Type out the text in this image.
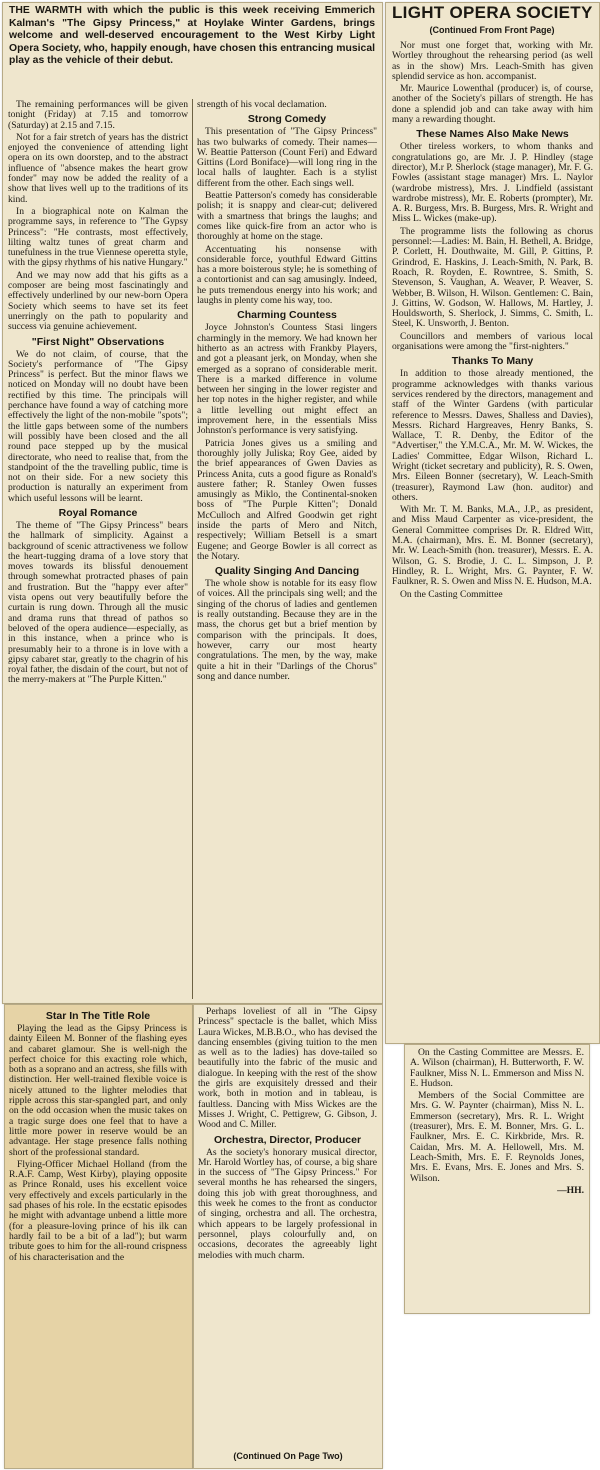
THE WARMTH with which the public is this week receiving Emmerich Kalman's "The Gipsy Princess," at Hoylake Winter Gardens, brings welcome and well-deserved encouragement to the West Kirby Light Opera Society, who, happily enough, have chosen this entrancing musical play as the vehicle of their debut.

The remaining performances will be given tonight (Friday) at 7.15 and tomorrow (Saturday) at 2.15 and 7.15.

Not for a fair stretch of years has the district enjoyed the convenience of attending light opera on its own doorstep, and to the abstract influence of "absence makes the heart grow fonder" may now be added the reality of a show that lives well up to the traditions of its kind.

In a biographical note on Kalman the programme says, in reference to "The Gypsy Princess": "He contrasts, most effectively, lilting waltz tunes of great charm and tunefulness in the true Viennese operetta style, with the gipsy rhythms of his native Hungary."

And we may now add that his gifts as a composer are being most fascinatingly and effectively underlined by our new-born Opera Society which seems to have set its feet unerringly on the path to popularity and success via genuine achievement.

"First Night" Observations

We do not claim, of course, that the Society's performance of "The Gipsy Princess" is perfect. But the minor flaws we noticed on Monday will no doubt have been rectified by this time. The principals will perchance have found a way of catching more effectively the light of the non-mobile "spots"; the little gaps between some of the numbers will possibly have been closed and the all round pace stepped up by the musical directorate, who need to realise that, from the standpoint of the the travelling public, time is not on their side. For a new society this production is naturally an experiment from which useful lessons will be learnt.

Royal Romance

The theme of "The Gipsy Princess" bears the hallmark of simplicity. Against a background of scenic attractiveness we follow the heart-tugging drama of a love story that moves towards its blissful denouement through somewhat protracted phases of pain and frustration. But the "happy ever after" vista opens out very beautifully before the curtain is rung down. Through all the music and drama runs that thread of pathos so beloved of the opera audience—especially, as in this instance, when a prince who is presumably heir to a throne is in love with a gipsy cabaret star, greatly to the chagrin of his royal father, the disdain of the court, but not of the merry-makers at "The Purple Kitten."

strength of his vocal declamation.

Strong Comedy

This presentation of "The Gipsy Princess" has two bulwarks of comedy. Their names—W. Beattie Patterson (Count Feri) and Edward Gittins (Lord Boniface)—will long ring in the local halls of laughter. Each is a stylist different from the other. Each sings well.

Beattie Patterson's comedy has considerable polish; it is snappy and clear-cut; delivered with a smartness that brings the laughs; and comes like quick-fire from an actor who is thoroughly at home on the stage.

Accentuating his nonsense with considerable force, youthful Edward Gittins has a more boisterous style; he is something of a contortionist and can sag amusingly. Indeed, he puts tremendous energy into his work; and laughs in plenty come his way, too.

Charming Countess

Joyce Johnston's Countess Stasi lingers charmingly in the memory. We had known her hitherto as an actress with Frankby Players, and got a pleasant jerk, on Monday, when she emerged as a soprano of considerable merit. There is a marked difference in volume between her singing in the lower register and her top notes in the higher register, and while a little levelling out might effect an improvement here, in the essentials Miss Johnston's performance is very satisfying.

Patricia Jones gives us a smiling and thoroughly jolly Juliska; Roy Gee, aided by the brief appearances of Gwen Davies as Princess Anita, cuts a good figure as Ronald's austere father; R. Stanley Owen fusses amusingly as Miklo, the Continental-snoken boss of "The Purple Kitten"; Donald McCulloch and Alfred Goodwin get right inside the parts of Mero and Nitch, respectively; William Betsell is a smart Eugene; and George Bowler is all correct as the Notary.

Quality Singing And Dancing

The whole show is notable for its easy flow of voices. All the principals sing well; and the singing of the chorus of ladies and gentlemen is really outstanding. Because they are in the mass, the chorus get but a brief mention by comparison with the principals. It does, however, carry our most hearty congratulations. The men, by the way, make quite a hit in their "Darlings of the Chorus" song and dance number.

Star In The Title Role

Playing the lead as the Gipsy Princess is dainty Eileen M. Bonner of the flashing eyes and cabaret glamour. She is well-nigh the perfect choice for this exacting role which, both as a soprano and an actress, she fills with distinction. Her well-trained flexible voice is nicely attuned to the lighter melodies that ripple across this star-spangled part, and only on the odd occasion when the music takes on a tragic surge does one feel that to have a little more power in reserve would be an advantage. Her stage presence falls nothing short of the professional standard.

Flying-Officer Michael Holland (from the R.A.F. Camp, West Kirby), playing opposite as Prince Ronald, uses his excellent voice very effectively and excels particularly in the sad phases of his role. In the ecstatic episodes he might with advantage unbend a little more (for a pleasure-loving prince of his ilk can hardly fail to be a bit of a lad"); but warm tribute goes to him for the all-round crispness of his characterisation and the

Perhaps loveliest of all in "The Gipsy Princess" spectacle is the ballet, which Miss Laura Wickes, M.B.B.O., who has devised the dancing ensembles (giving tuition to the men as well as to the ladies) has dove-tailed so beautifully into the fabric of the music and dialogue. In keeping with the rest of the show the girls are exquisitely dressed and their work, both in motion and in tableau, is faultless. Dancing with Miss Wickes are the Misses J. Wright, C. Pettigrew, G. Gibson, J. Wood and C. Miller.

Orchestra, Director, Producer

As the society's honorary musical director, Mr. Harold Wortley has, of course, a big share in the success of "The Gipsy Princess." For several months he has rehearsed the singers, doing this job with great thoroughness, and this week he comes to the front as conductor of singing, orchestra and all. The orchestra, which appears to be largely professional in personnel, plays colourfully and, on occasions, decorates the agreeably light melodies with much charm.

(Continued On Page Two)
LIGHT OPERA SOCIETY
(Continued From Front Page)

Nor must one forget that, working with Mr. Wortley throughout the rehearsing period (as well as in the show) Mrs. Leach-Smith has given splendid service as hon. accompanist.

Mr. Maurice Lowenthal (producer) is, of course, another of the Society's pillars of strength. He has done a splendid job and can take away with him many a rewarding thought.

These Names Also Make News

Other tireless workers, to whom thanks and congratulations go, are Mr. J. P. Hindley (stage director), M.r P. Sherlock (stage manager), Mr. F. G. Fowles (assistant stage manager) Mrs. L. Naylor (wardrobe mistress), Mrs. J. Lindfield (assistant wardrobe mistress), Mr. E. Roberts (prompter), Mr. A. R. Burgess, Mrs. B. Burgess, Mrs. R. Wright and Miss L. Wickes (make-up).

The programme lists the following as chorus personnel:—Ladies: M. Bain, H. Bethell, A. Bridge, P. Corlett, H. Douthwaite, M. Gill, P. Gittins, P. Grindrod, E. Haskins, J. Leach-Smith, N. Park, B. Roach, R. Royden, E. Rowntree, S. Smith, S. Stevenson, S. Vaughan, A. Weaver, P. Weaver, S. Webber, B. Wilson, H. Wilson. Gentlemen: C. Bain, J. Gittins, W. Godson, W. Hallows, M. Hartley, J. Houldsworth, S. Sherlock, J. Simms, C. Smith, L. Steel, K. Unsworth, J. Benton.

Councillors and members of various local organisations were among the "first-nighters."

Thanks To Many

In addition to those already mentioned, the programme acknowledges with thanks various services rendered by the directors, management and staff of the Winter Gardens (with particular reference to Messrs. Dawes, Shalless and Davies), Messrs. Richard Hargreaves, Henry Banks, S. Wallace, T. R. Denby, the Editor of the "Advertiser," the Y.M.C.A., Mr. M. W. Wickes, the Ladies' Committee, Edgar Wilson, Richard L. Wright (ticket secretary and publicity), R. S. Owen, Mrs. Eileen Bonner (secretary), W. Leach-Smith (treasurer), Raymond Law (hon. auditor) and others.

With Mr. T. M. Banks, M.A., J.P., as president, and Miss Maud Carpenter as vice-president, the General Committee comprises Dr. R. Eldred Witt, M.A. (chairman), Mrs. E. M. Bonner (secretary), Mr. W. Leach-Smith (hon. treasurer), Messrs. E. A. Wilson, G. S. Brodie, J. C. L. Simpson, J. P. Hindley, R. L. Wright, Mrs. G. Paynter, F. W. Faulkner, R. S. Owen and Miss N. E. Hudson, M.A.

On the Casting Committee

On the Casting Committee are Messrs. E. A. Wilson (chairman), H. Butterworth, F. W. Faulkner, Miss N. L. Emmerson and Miss N. E. Hudson.

Members of the Social Committee are Mrs. G. W. Paynter (chairman), Miss N. L. Emmerson (secretary), Mrs. R. L. Wright (treasurer), Mrs. E. M. Bonner, Mrs. G. L. Faulkner, Mrs. E. C. Kirkbride, Mrs. R. Caidan, Mrs. M. A. Hellowell, Mrs. M. Leach-Smith, Mrs. E. F. Reynolds Jones, Mrs. E. Evans, Mrs. E. Jones and Mrs. S. Wilson.

—HH.
